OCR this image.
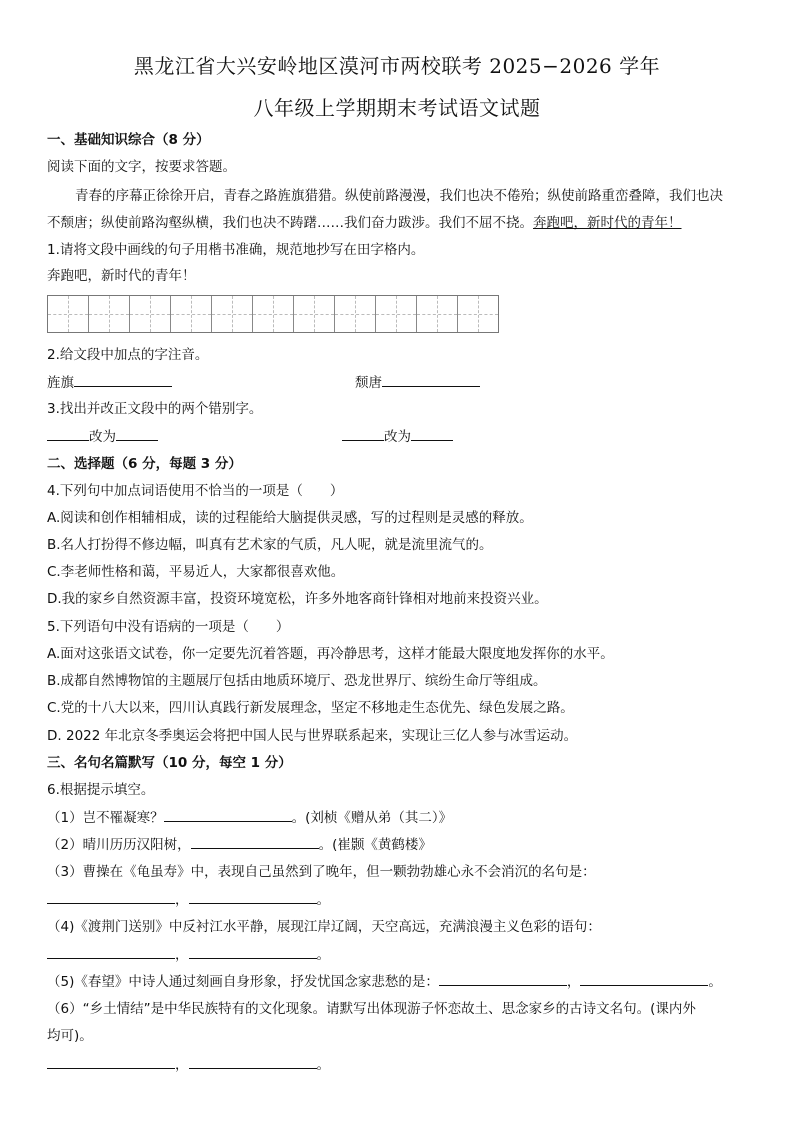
黑龙江省大兴安岭地区漠河市两校联考 2025−2026 学年
八年级上学期期末考试语文试题
一、基础知识综合（8 分）
阅读下面的文字，按要求答题。
青春的序幕正徐徐开启，青春之路旌旗猎猎。纵使前路漫漫，我们也决不倦殆；纵使前路重峦叠障，我们也决
不颓唐；纵使前路沟壑纵横，我们也决不踌躇……我们奋力跋涉。我们不屈不挠。奔跑吧，新时代的青年！
1.请将文段中画线的句子用楷书准确，规范地抄写在田字格内。
奔跑吧，新时代的青年！
2.给文段中加点的字注音。
旌旗	颓唐
3.找出并改正文段中的两个错别字。
改为	改为
二、选择题（6 分，每题 3 分）
4.下列句中加点词语使用不恰当的一项是（　　）
A.阅读和创作相辅相成，读的过程能给大脑提供灵感，写的过程则是灵感的释放。
B.名人打扮得不修边幅，叫真有艺术家的气质，凡人呢，就是流里流气的。
C.李老师性格和蔼，平易近人，大家都很喜欢他。
D.我的家乡自然资源丰富，投资环境宽松，许多外地客商针锋相对地前来投资兴业。
5.下列语句中没有语病的一项是（　　）
A.面对这张语文试卷，你一定要先沉着答题，再冷静思考，这样才能最大限度地发挥你的水平。
B.成都自然博物馆的主题展厅包括由地质环境厅、恐龙世界厅、缤纷生命厅等组成。
C.党的十八大以来，四川认真践行新发展理念，坚定不移地走生态优先、绿色发展之路。
D. 2022 年北京冬季奥运会将把中国人民与世界联系起来，实现让三亿人参与冰雪运动。
三、名句名篇默写（10 分，每空 1 分）
6.根据提示填空。
（1）岂不罹凝寒？	。(刘桢《赠从弟（其二）》
（2）晴川历历汉阳树，	。(崔颢《黄鹤楼》
（3）曹操在《龟虽寿》中，表现自己虽然到了晚年，但一颗勃勃雄心永不会消沉的名句是：
，	。
（4)《渡荆门送别》中反衬江水平静，展现江岸辽阔，天空高远，充满浪漫主义色彩的语句：
，	。
（5)《春望》中诗人通过刻画自身形象，抒发忧国念家悲愁的是：	，	。
（6）“乡土情结”是中华民族特有的文化现象。请默写出体现游子怀恋故土、思念家乡的古诗文名句。(课内外
均可)。
，	。
